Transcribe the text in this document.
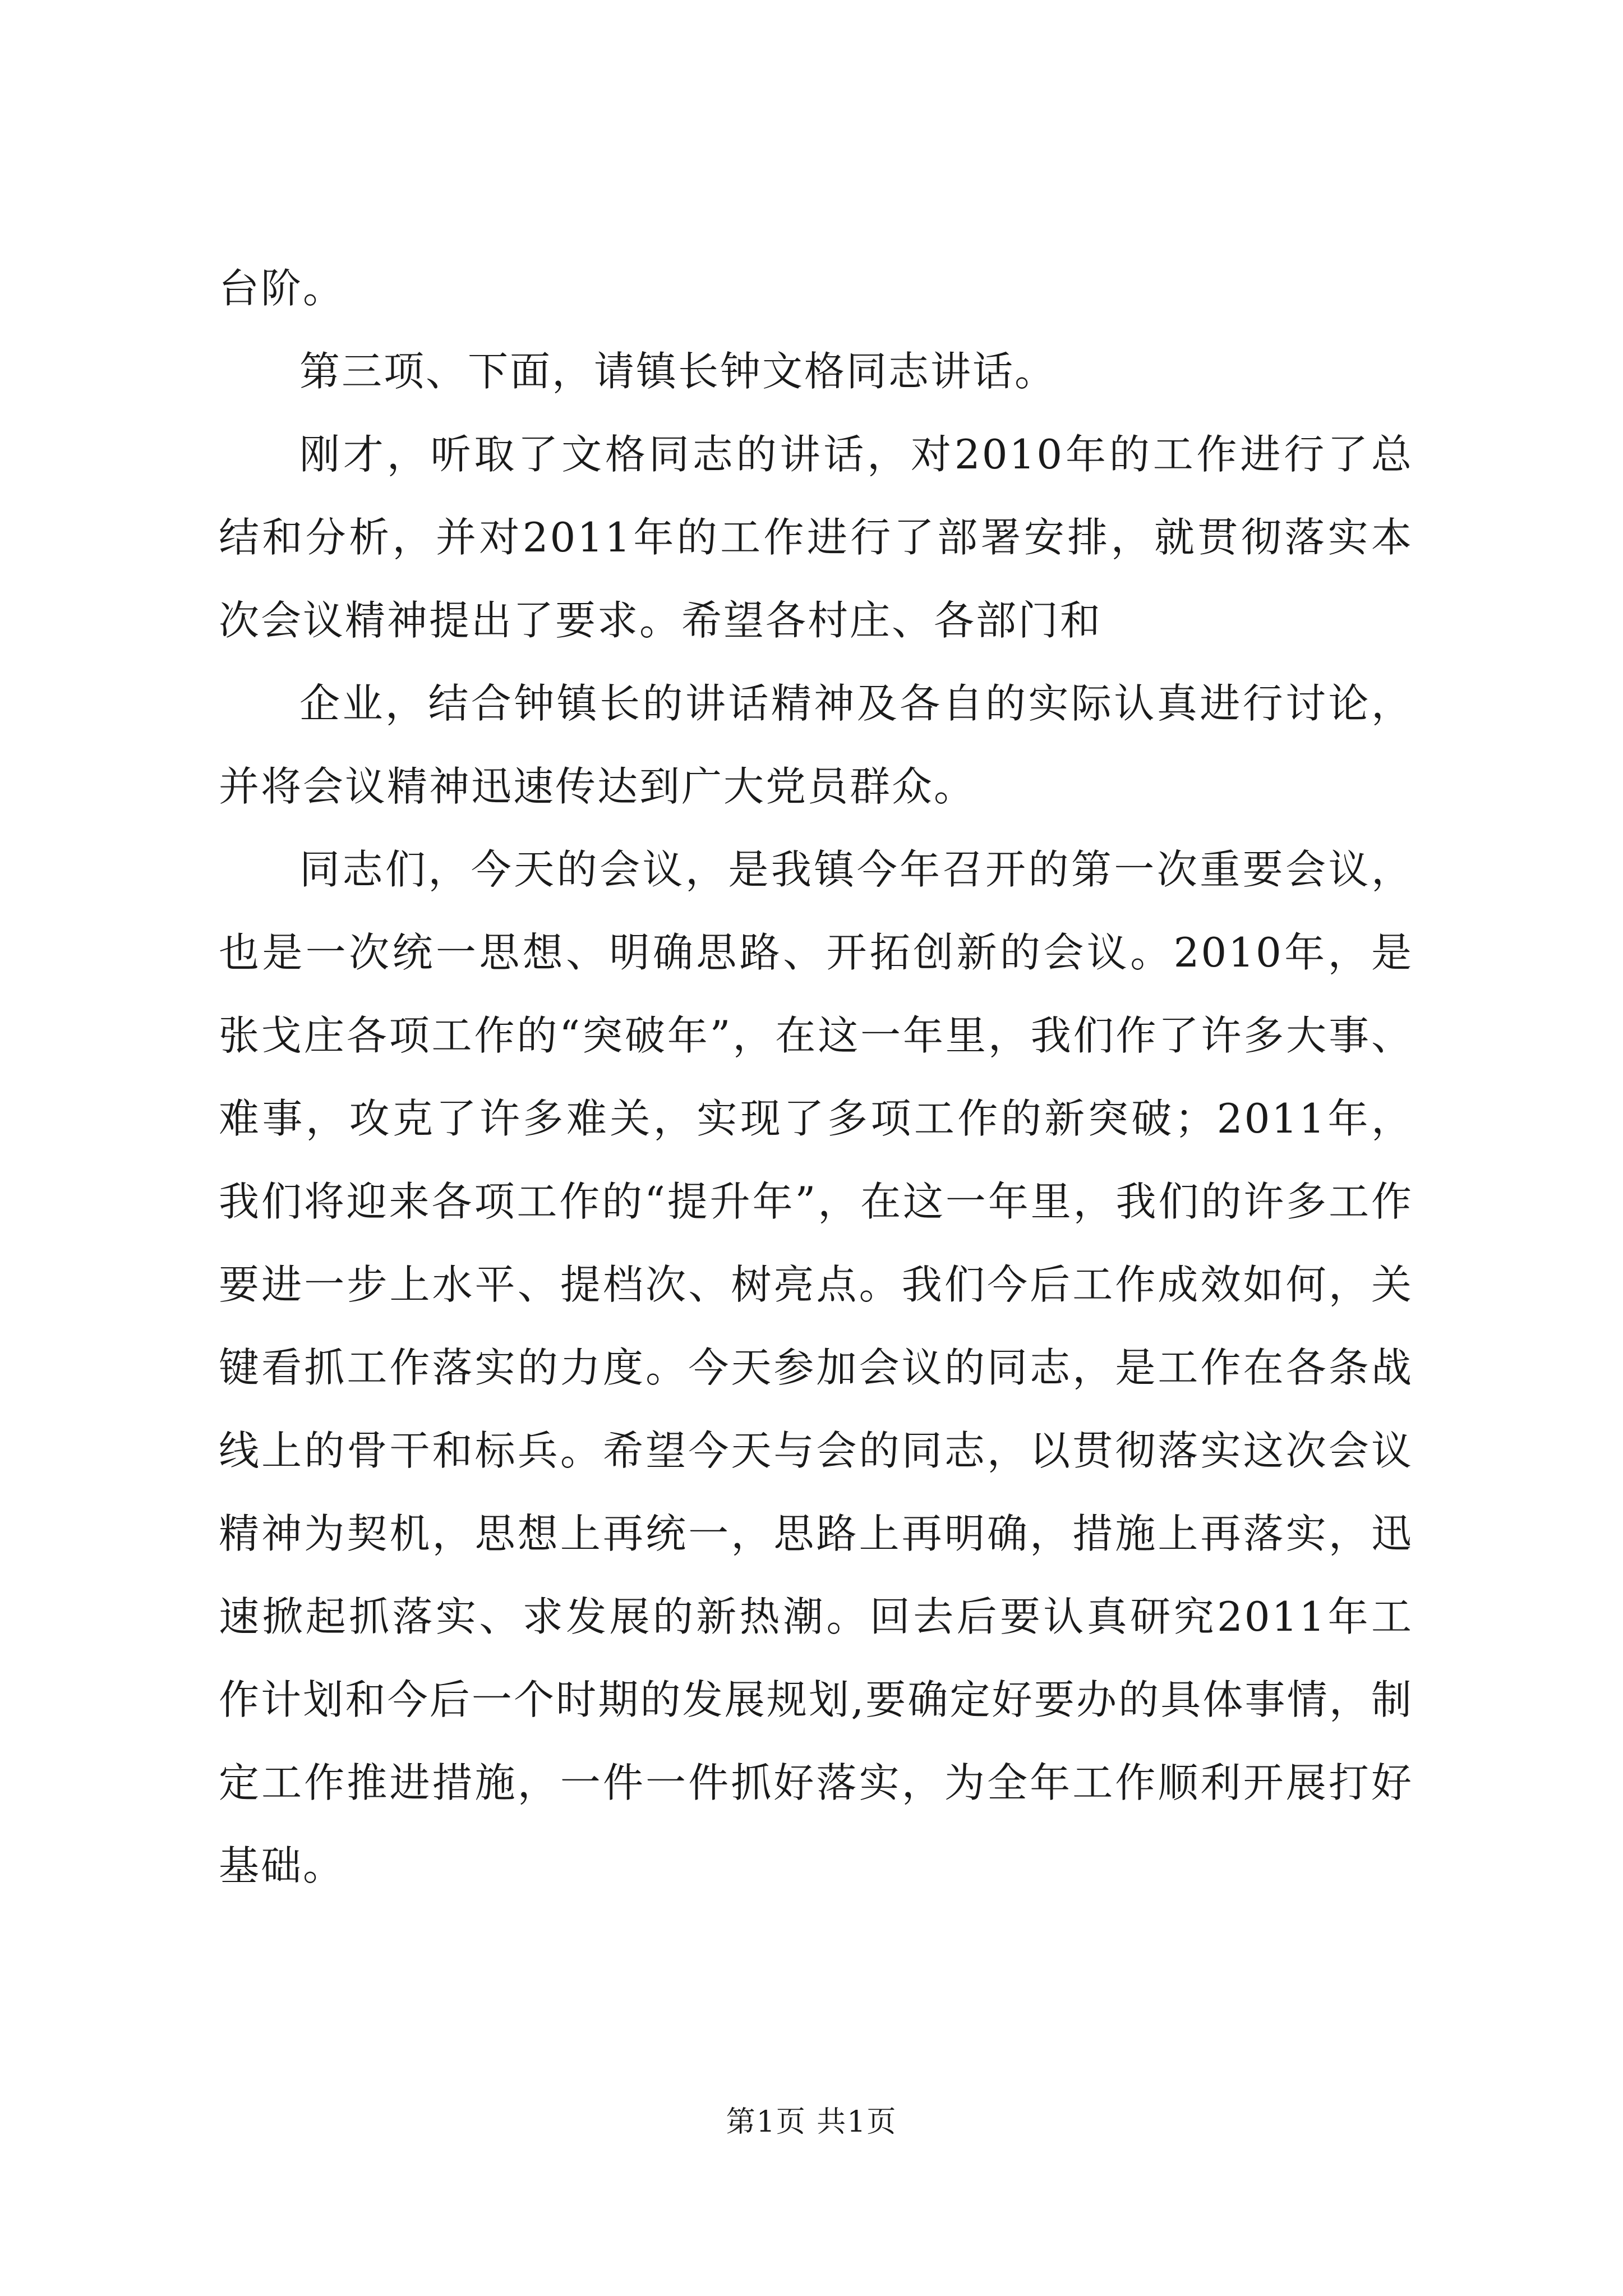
台阶。

第三项、下面，请镇长钟文格同志讲话。

刚才，听取了文格同志的讲话，对2010年的工作进行了总结和分析，并对2011年的工作进行了部署安排，就贯彻落实本次会议精神提出了要求。希望各村庄、各部门和

企业，结合钟镇长的讲话精神及各自的实际认真进行讨论，并将会议精神迅速传达到广大党员群众。

同志们，今天的会议，是我镇今年召开的第一次重要会议，也是一次统一思想、明确思路、开拓创新的会议。2010年，是张戈庄各项工作的“突破年”，在这一年里，我们作了许多大事、难事，攻克了许多难关，实现了多项工作的新突破；2011年，我们将迎来各项工作的“提升年”，在这一年里，我们的许多工作要进一步上水平、提档次、树亮点。我们今后工作成效如何，关键看抓工作落实的力度。今天参加会议的同志，是工作在各条战线上的骨干和标兵。希望今天与会的同志，以贯彻落实这次会议精神为契机，思想上再统一，思路上再明确，措施上再落实，迅速掀起抓落实、求发展的新热潮。回去后要认真研究2011年工作计划和今后一个时期的发展规划,要确定好要办的具体事情，制定工作推进措施，一件一件抓好落实，为全年工作顺利开展打好基础。

第1页 共1页
